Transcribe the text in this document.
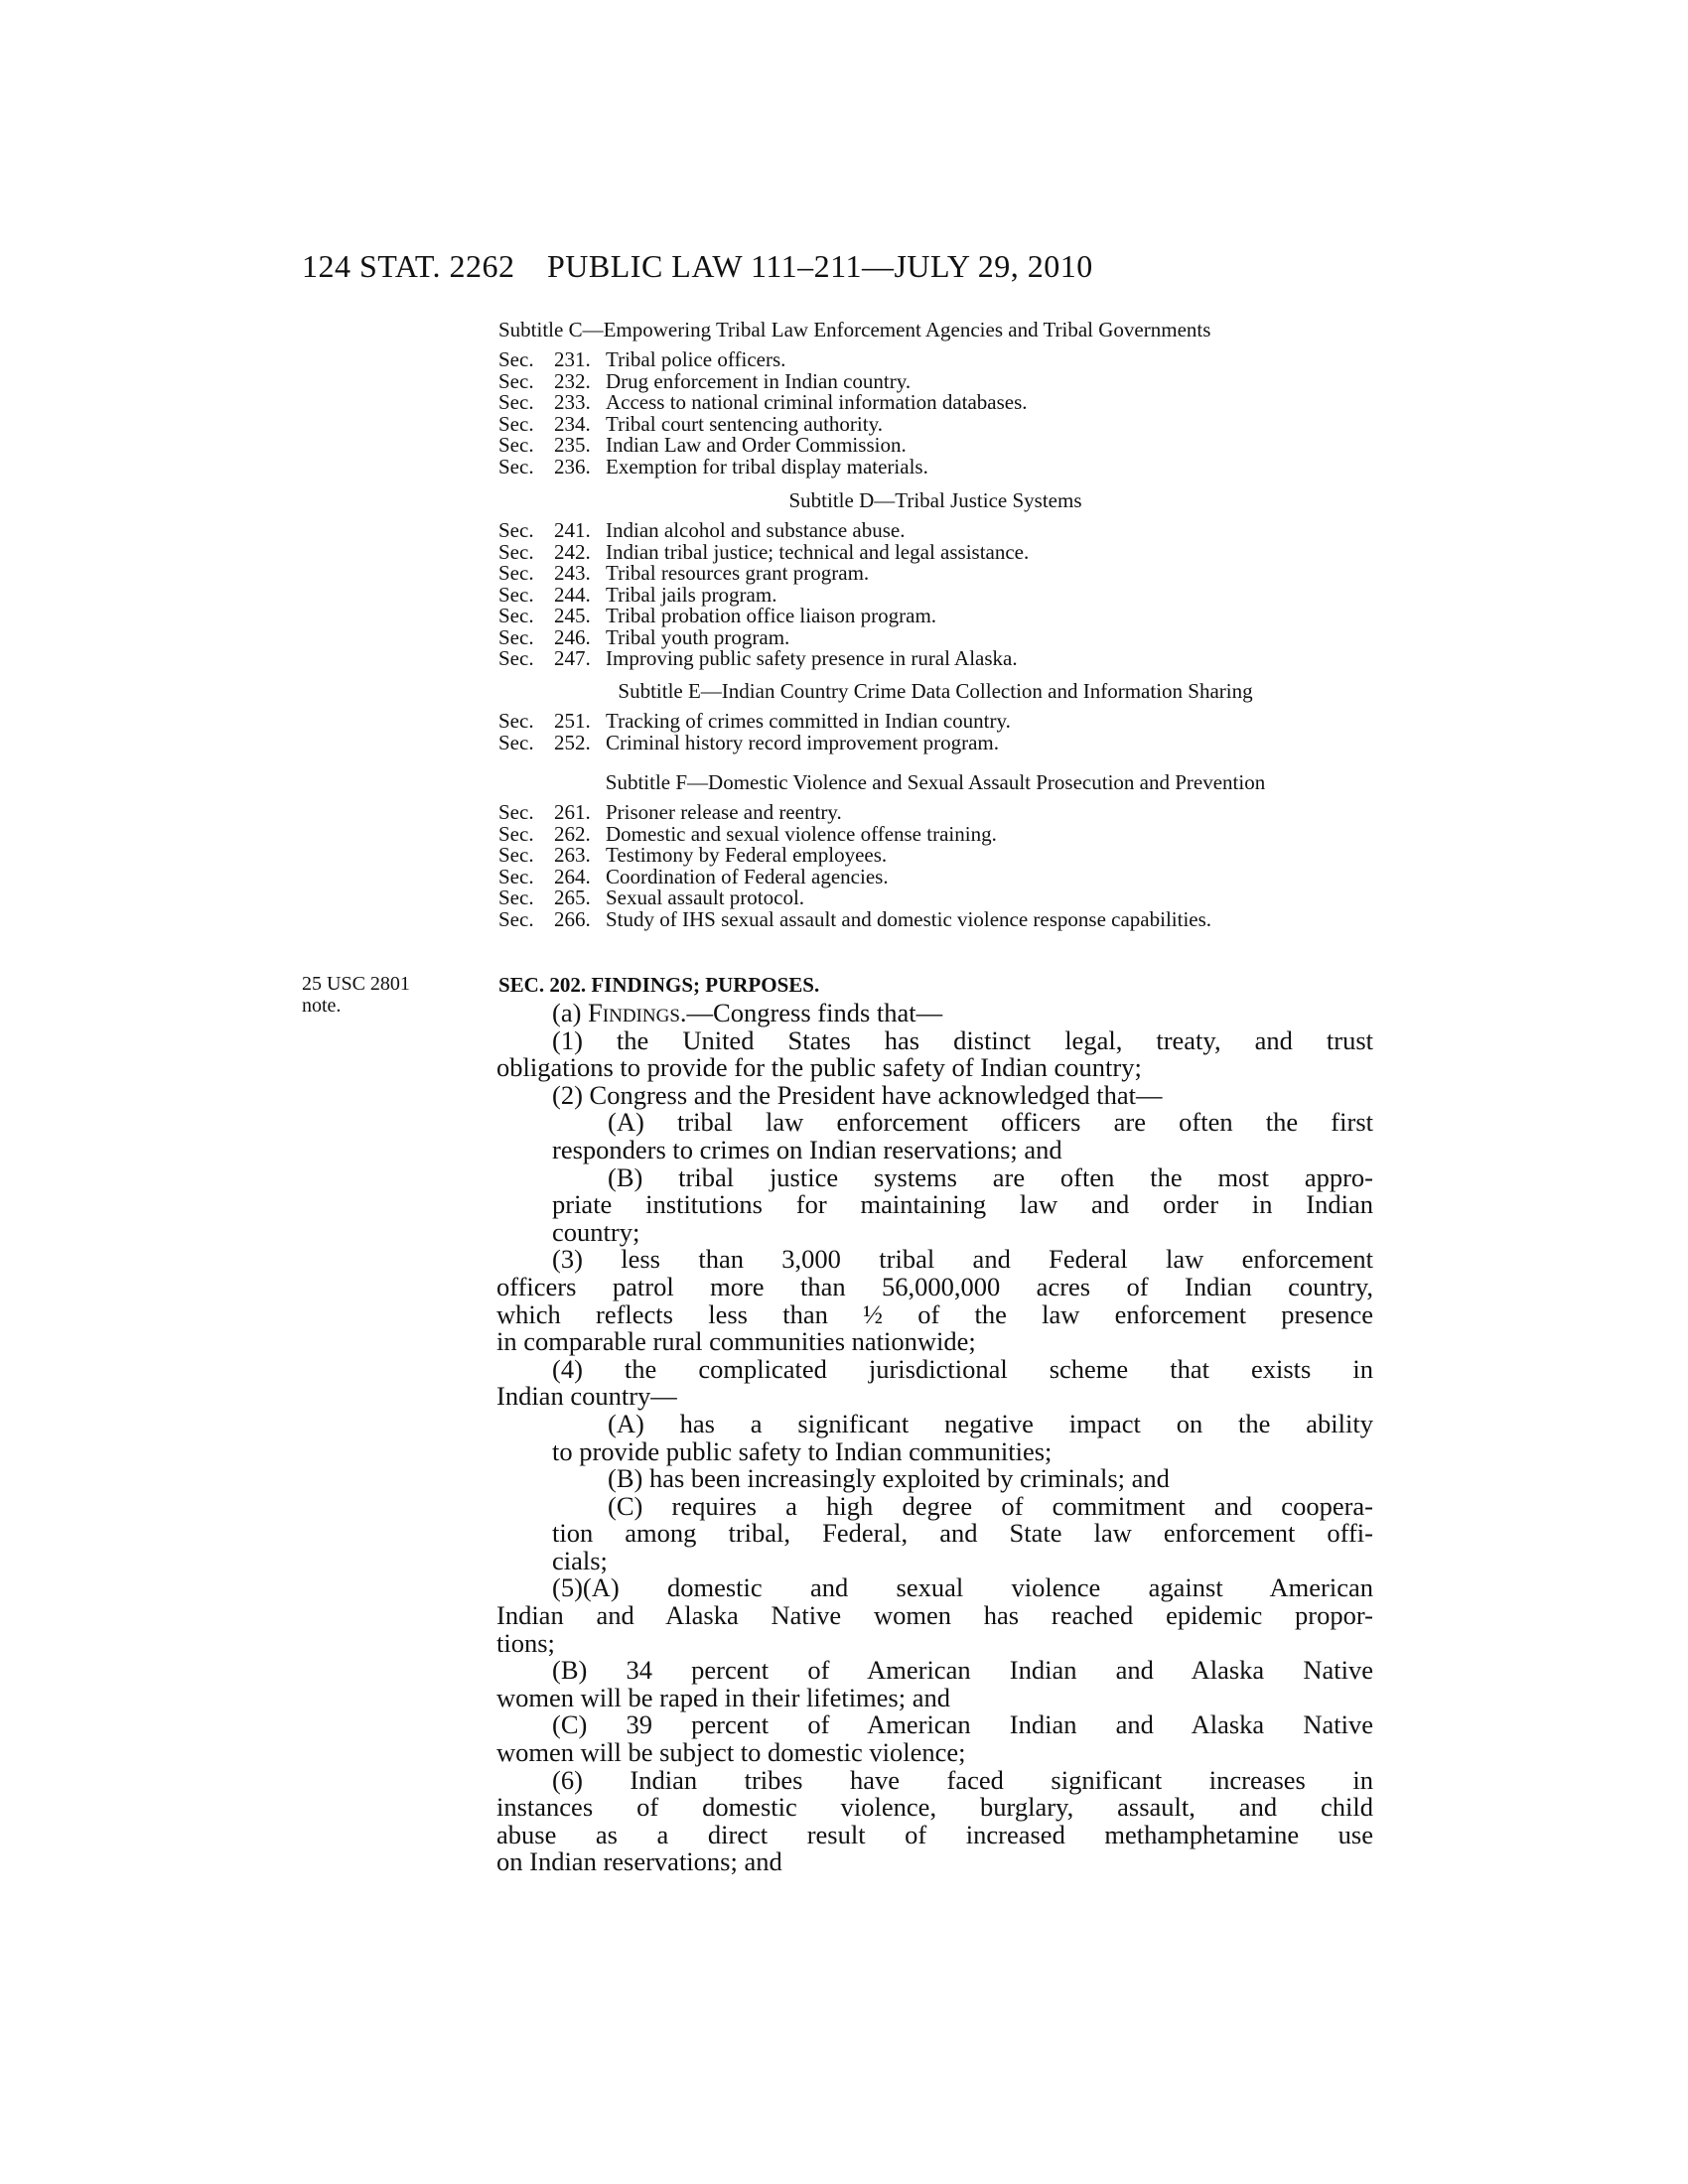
124 STAT. 2262 PUBLIC LAW 111–211—JULY 29, 2010
Subtitle C—Empowering Tribal Law Enforcement Agencies and Tribal Governments
Sec. 231. Tribal police officers.
Sec. 232. Drug enforcement in Indian country.
Sec. 233. Access to national criminal information databases.
Sec. 234. Tribal court sentencing authority.
Sec. 235. Indian Law and Order Commission.
Sec. 236. Exemption for tribal display materials.
Subtitle D—Tribal Justice Systems
Sec. 241. Indian alcohol and substance abuse.
Sec. 242. Indian tribal justice; technical and legal assistance.
Sec. 243. Tribal resources grant program.
Sec. 244. Tribal jails program.
Sec. 245. Tribal probation office liaison program.
Sec. 246. Tribal youth program.
Sec. 247. Improving public safety presence in rural Alaska.
Subtitle E—Indian Country Crime Data Collection and Information Sharing
Sec. 251. Tracking of crimes committed in Indian country.
Sec. 252. Criminal history record improvement program.
Subtitle F—Domestic Violence and Sexual Assault Prosecution and Prevention
Sec. 261. Prisoner release and reentry.
Sec. 262. Domestic and sexual violence offense training.
Sec. 263. Testimony by Federal employees.
Sec. 264. Coordination of Federal agencies.
Sec. 265. Sexual assault protocol.
Sec. 266. Study of IHS sexual assault and domestic violence response capabilities.
25 USC 2801
note.
SEC. 202. FINDINGS; PURPOSES.
(a) Findings.—Congress finds that—
(1) the United States has distinct legal, treaty, and trust
obligations to provide for the public safety of Indian country;
(2) Congress and the President have acknowledged that—
(A) tribal law enforcement officers are often the first
responders to crimes on Indian reservations; and
(B) tribal justice systems are often the most appro-
priate institutions for maintaining law and order in Indian
country;
(3) less than 3,000 tribal and Federal law enforcement
officers patrol more than 56,000,000 acres of Indian country,
which reflects less than ½ of the law enforcement presence
in comparable rural communities nationwide;
(4) the complicated jurisdictional scheme that exists in
Indian country—
(A) has a significant negative impact on the ability
to provide public safety to Indian communities;
(B) has been increasingly exploited by criminals; and
(C) requires a high degree of commitment and coopera-
tion among tribal, Federal, and State law enforcement offi-
cials;
(5)(A) domestic and sexual violence against American
Indian and Alaska Native women has reached epidemic propor-
tions;
(B) 34 percent of American Indian and Alaska Native
women will be raped in their lifetimes; and
(C) 39 percent of American Indian and Alaska Native
women will be subject to domestic violence;
(6) Indian tribes have faced significant increases in
instances of domestic violence, burglary, assault, and child
abuse as a direct result of increased methamphetamine use
on Indian reservations; and
